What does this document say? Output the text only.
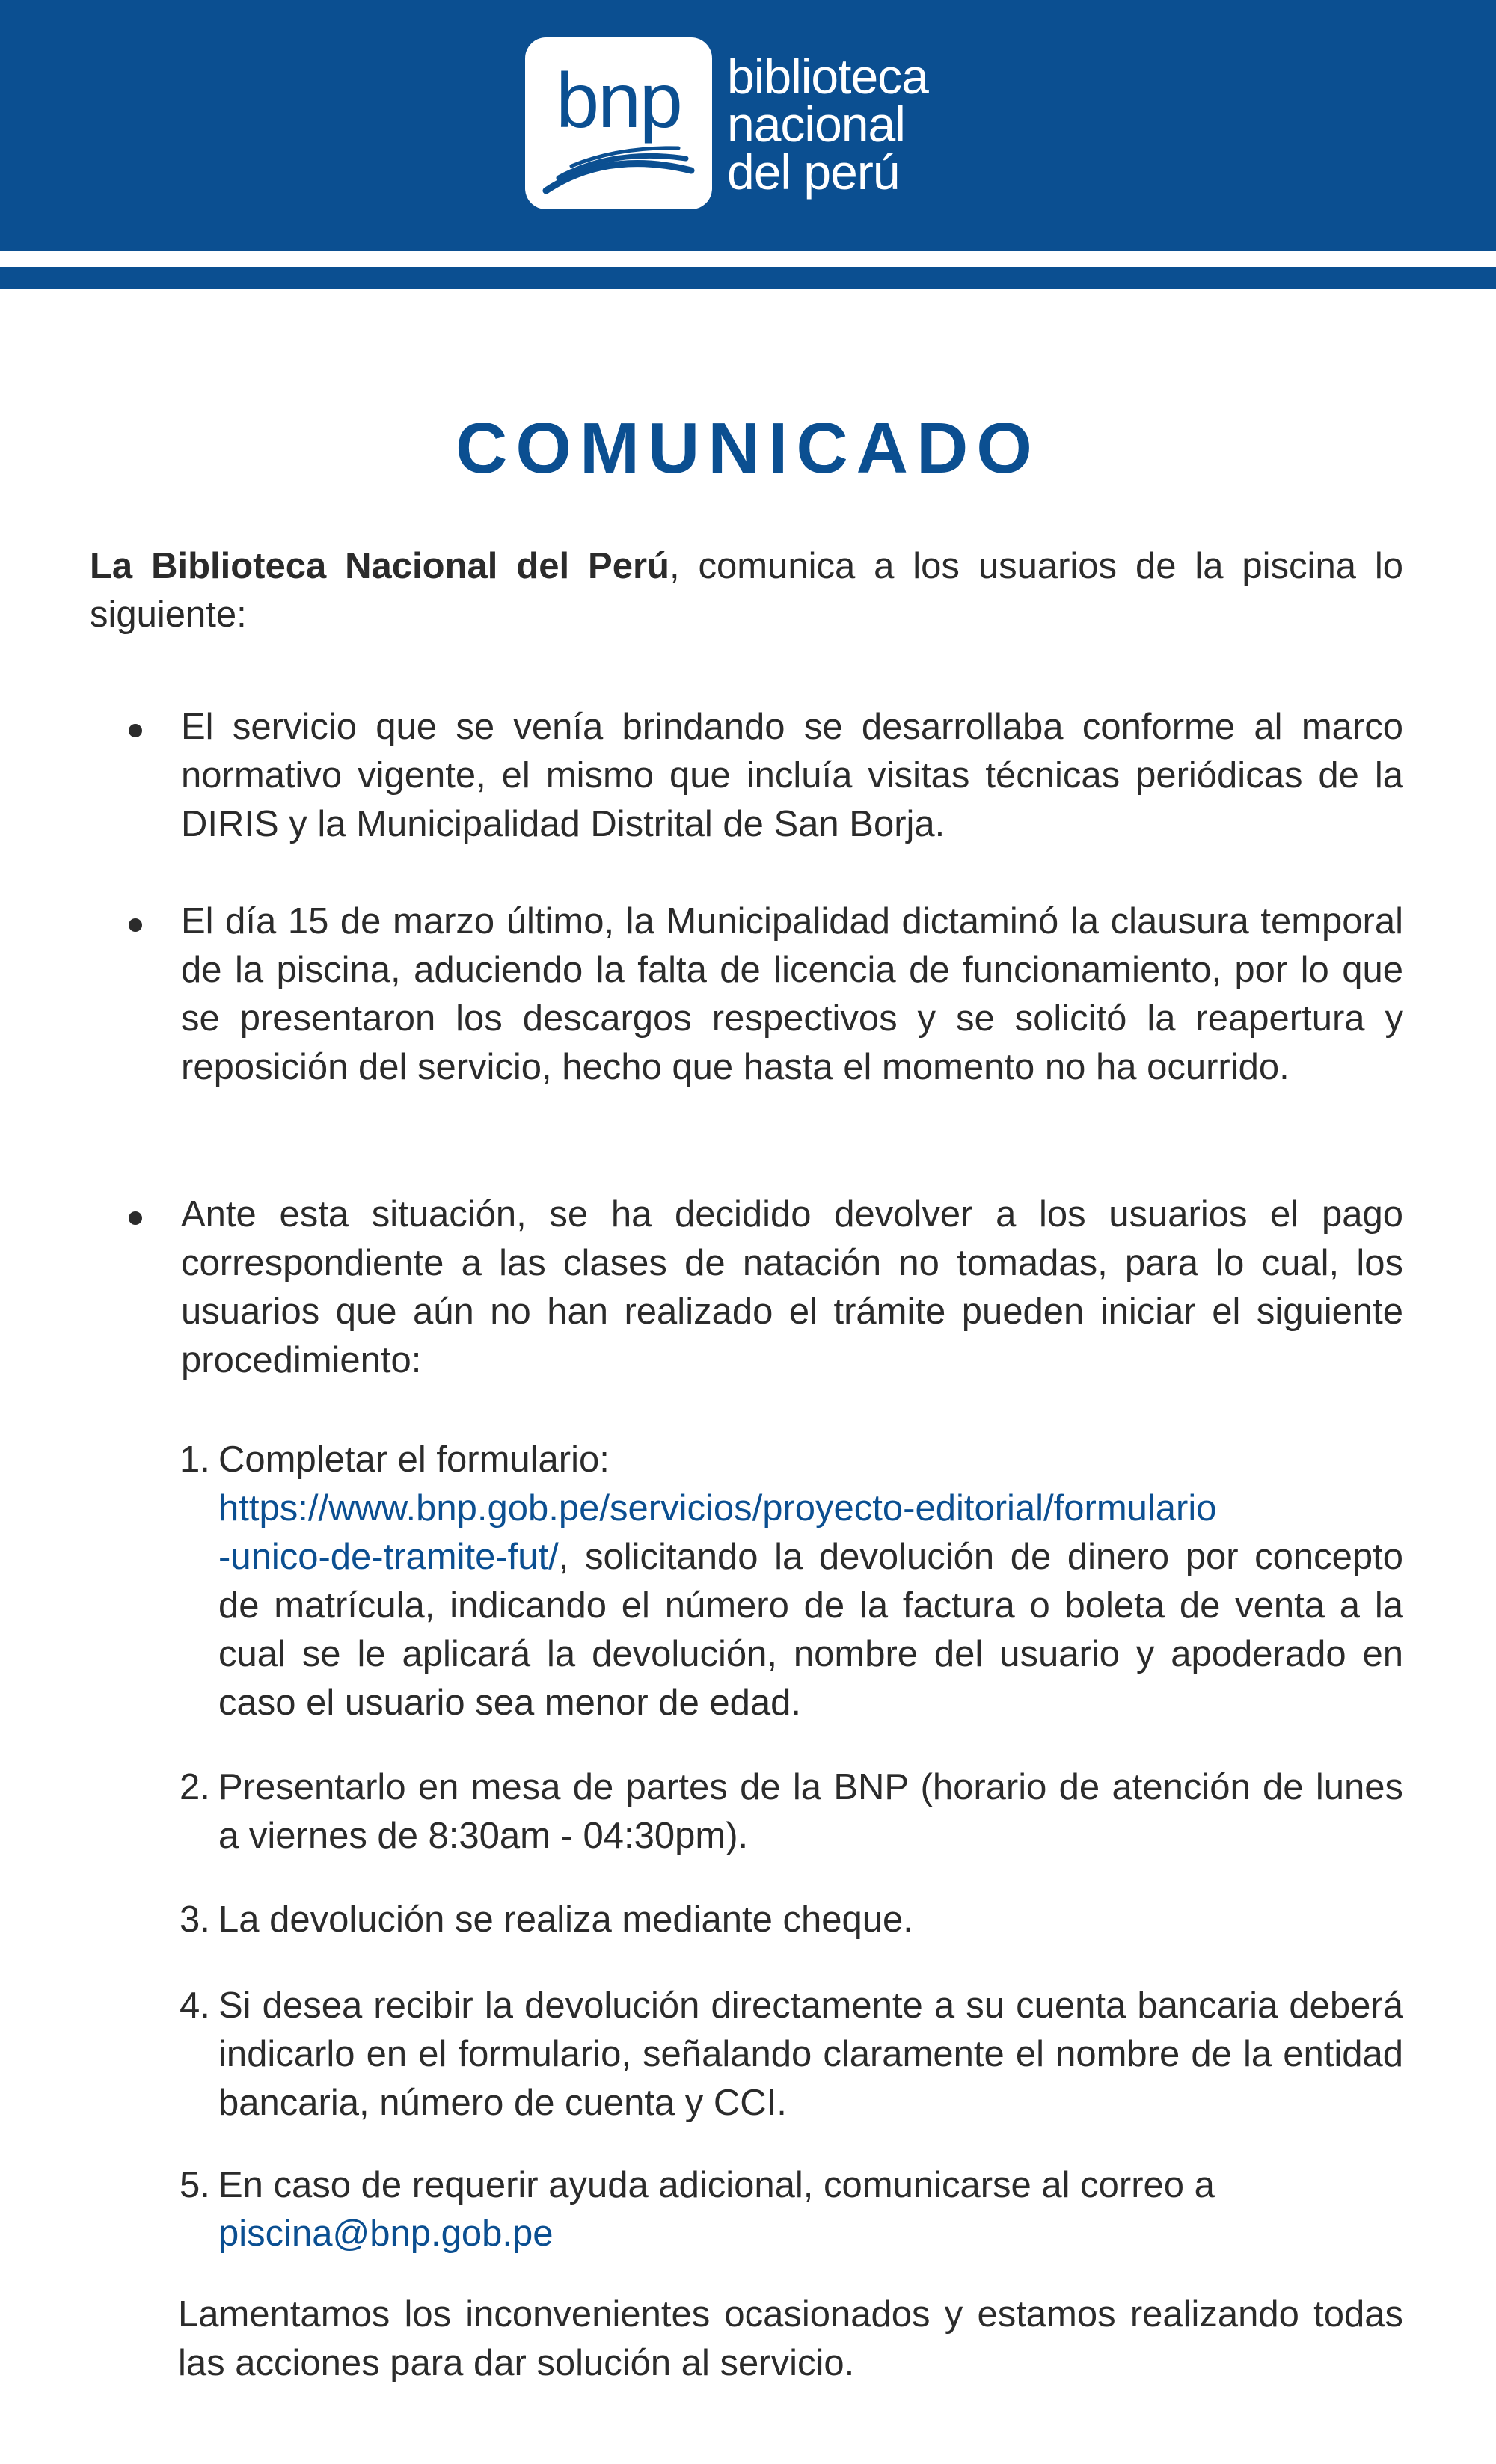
bnp biblioteca
nacional
del perú
COMUNICADO
La Biblioteca Nacional del Perú, comunica a los usuarios de la piscina lo siguiente:
El servicio que se venía brindando se desarrollaba conforme al marco normativo vigente, el mismo que incluía visitas técnicas periódicas de la DIRIS y la Municipalidad Distrital de San Borja.
El día 15 de marzo último, la Municipalidad dictaminó la clausura temporal de la piscina, aduciendo la falta de licencia de funcionamiento, por lo que se presentaron los descargos respectivos y se solicitó la reapertura y reposición del servicio, hecho que hasta el momento no ha ocurrido.
Ante esta situación, se ha decidido devolver a los usuarios el pago correspondiente a las clases de natación no tomadas, para lo cual, los usuarios que aún no han realizado el trámite pueden iniciar el siguiente procedimiento:
1. Completar el formulario:
https://www.bnp.gob.pe/servicios/proyecto-editorial/formulario
-unico-de-tramite-fut/, solicitando la devolución de dinero por concepto de matrícula, indicando el número de la factura o boleta de venta a la cual se le aplicará la devolución, nombre del usuario y apoderado en caso el usuario sea menor de edad.
2. Presentarlo en mesa de partes de la BNP (horario de atención de lunes a viernes de 8:30am - 04:30pm).
3. La devolución se realiza mediante cheque.
4. Si desea recibir la devolución directamente a su cuenta bancaria deberá indicarlo en el formulario, señalando claramente el nombre de la entidad bancaria, número de cuenta y CCI.
5. En caso de requerir ayuda adicional, comunicarse al correo a
piscina@bnp.gob.pe
Lamentamos los inconvenientes ocasionados y estamos realizando todas las acciones para dar solución al servicio.
